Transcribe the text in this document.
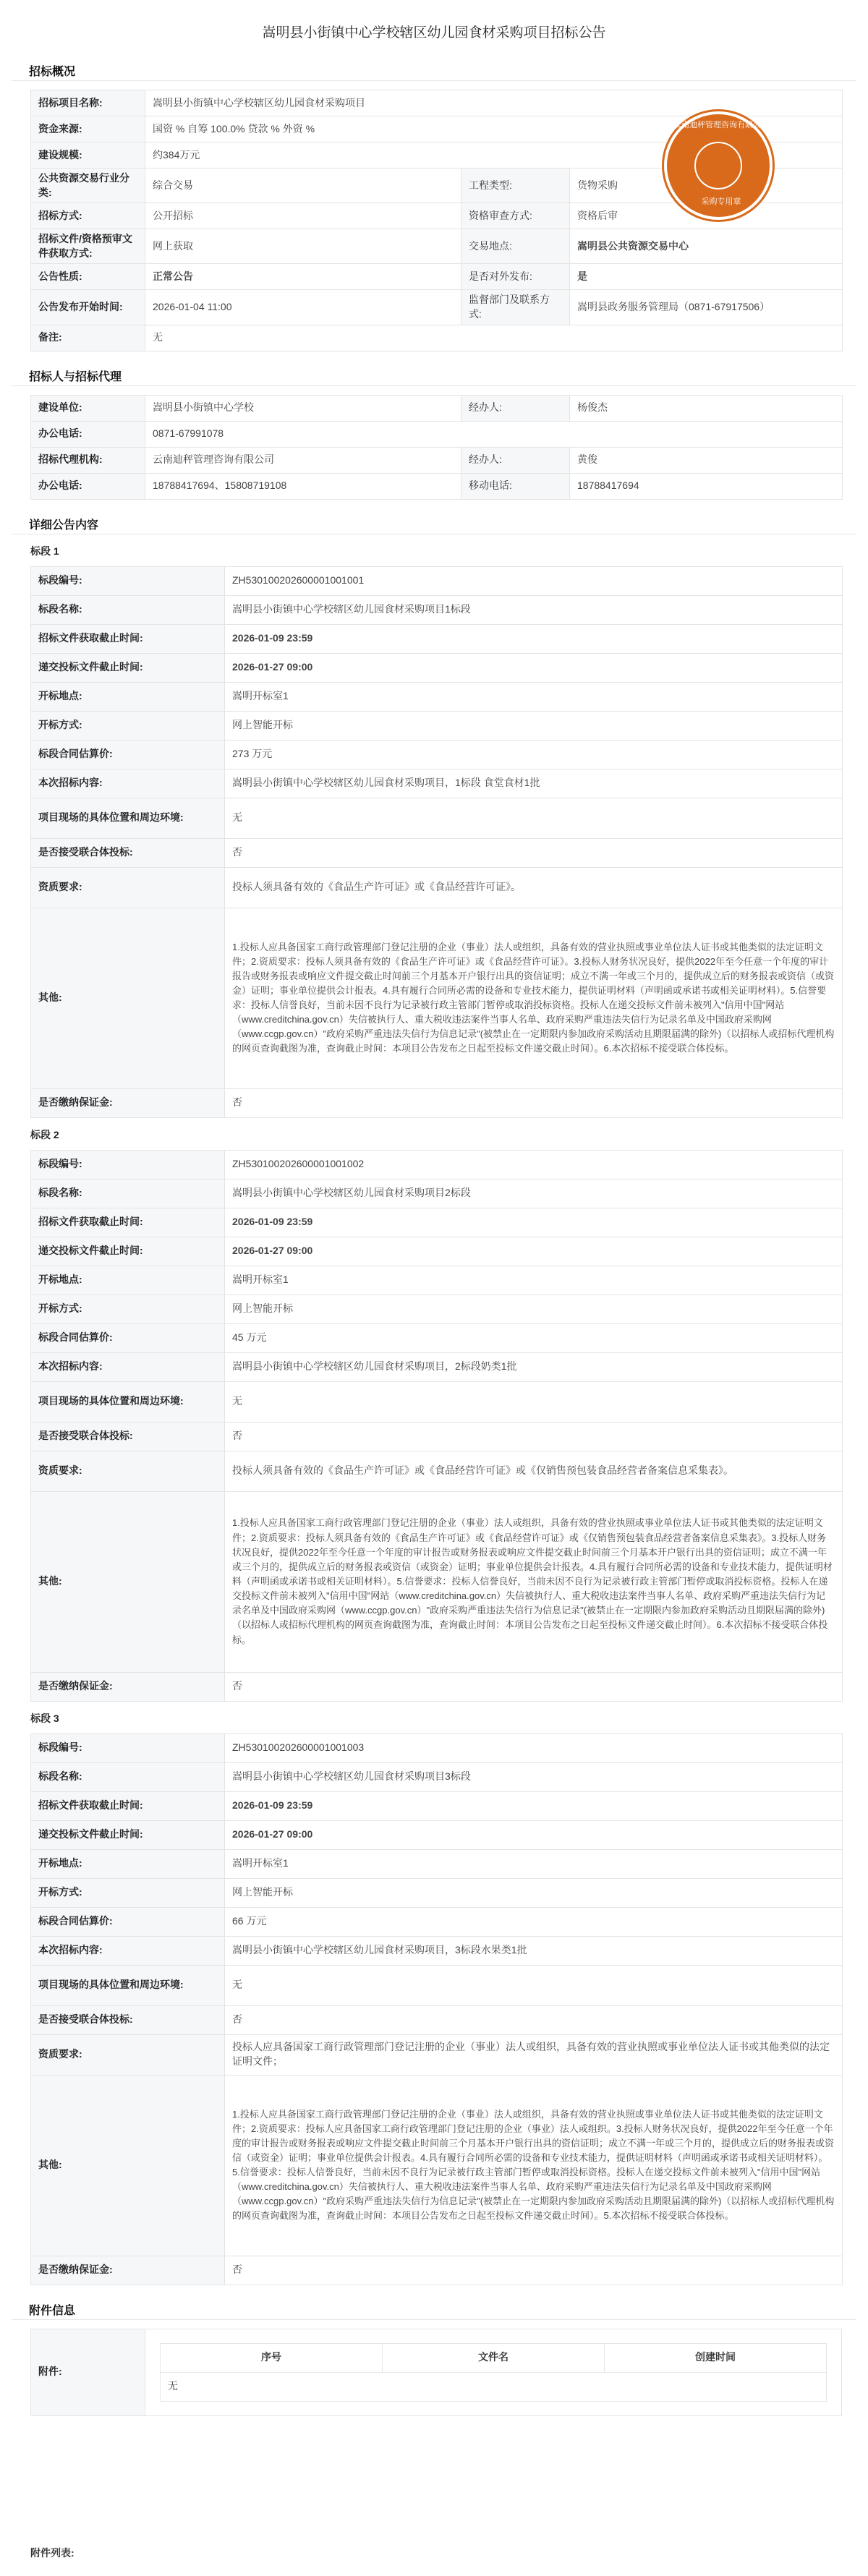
嵩明县小街镇中心学校辖区幼儿园食材采购项目招标公告
招标概况
招标项目名称:	嵩明县小街镇中心学校辖区幼儿园食材采购项目		
资金来源:	国资 % 自筹 100.0% 贷款 % 外资 %		
建设规模:	约384万元		
公共资源交易行业分类:	综合交易	工程类型:	货物采购
招标方式:	公开招标	资格审查方式:	资格后审
招标文件/资格预审文件获取方式:	网上获取	交易地点:	嵩明县公共资源交易中心
公告性质:	正常公告	是否对外发布:	是
公告发布开始时间:	2026-01-04 11:00	监督部门及联系方式:	嵩明县政务服务管理局（0871-67917506）
备注:	无		
云南迪秤管理咨询有限公司
采购专用章
招标人与招标代理
建设单位:	嵩明县小街镇中心学校	经办人:	杨俊杰
办公电话:	0871-67991078		
招标代理机构:	云南迪秤管理咨询有限公司	经办人:	黄俊
办公电话:	18788417694、15808719108	移动电话:	18788417694
详细公告内容
标段 1
标段编号:	ZH53010020260000100100​1
标段名称:	嵩明县小街镇中心学校辖区幼儿园食材采购项目1标段
招标文件获取截止时间:	2026-01-09 23:59
递交投标文件截止时间:	2026-01-27 09:00
开标地点:	嵩明开标室1
开标方式:	网上智能开标
标段合同估算价:	273 万元
本次招标内容:	嵩明县小街镇中心学校辖区幼儿园食材采购项目，1标段 食堂食材1批
项目现场的具体位置和周边环境:	无
是否接受联合体投标:	否
资质要求:	投标人须具备有效的《食品生产许可证》或《食品经营许可证》。
其他:	1.投标人应具备国家工商行政管理部门登记注册的企业（事业）法人或组织，具备有效的营业执照或事业单位法人证书或其他类似的法定证明文件；2.资质要求：投标人须具备有效的《食品生产许可证》或《食品经营许可证》。3.投标人财务状况良好，提供2022年至今任意一个年度的审计报告或财务报表或响应文件提交截止时间前三个月基本开户银行出具的资信证明；成立不满一年或三个月的，提供成立后的财务报表或资信（或资金）证明；事业单位提供会计报表。4.具有履行合同所必需的设备和专业技术能力，提供证明材料（声明函或承诺书或相关证明材料）。5.信誉要求：投标人信誉良好，当前未因不良行为记录被行政主管部门暂停或取消投标资格。投标人在递交投标文件前未被列入"信用中国"网站（www.creditchina.gov.cn）失信被执行人、重大税收违法案件当事人名单、政府采购严重违法失信行为记录名单及中国政府采购网（www.ccgp.gov.cn）"政府采购严重违法失信行为信息记录"(被禁止在一定期限内参加政府采购活动且期限届满的除外)（以招标人或招标代理机构的网页查询截图为准，查询截止时间：本项目公告发布之日起至投标文件递交截止时间）。6.本次招标不接受联合体投标。
是否缴纳保证金:	否
标段 2
标段编号:	ZH53010020260000100100​2
标段名称:	嵩明县小街镇中心学校辖区幼儿园食材采购项目2标段
招标文件获取截止时间:	2026-01-09 23:59
递交投标文件截止时间:	2026-01-27 09:00
开标地点:	嵩明开标室1
开标方式:	网上智能开标
标段合同估算价:	45 万元
本次招标内容:	嵩明县小街镇中心学校辖区幼儿园食材采购项目，2标段奶类1批
项目现场的具体位置和周边环境:	无
是否接受联合体投标:	否
资质要求:	投标人须具备有效的《食品生产许可证》或《食品经营许可证》或《仅销售预包装食品经营者备案信息采集表》。
其他:	1.投标人应具备国家工商行政管理部门登记注册的企业（事业）法人或组织，具备有效的营业执照或事业单位法人证书或其他类似的法定证明文件；2.资质要求：投标人须具备有效的《食品生产许可证》或《食品经营许可证》或《仅销售预包装食品经营者备案信息采集表》。3.投标人财务状况良好，提供2022年至今任意一个年度的审计报告或财务报表或响应文件提交截止时间前三个月基本开户银行出具的资信证明；成立不满一年或三个月的，提供成立后的财务报表或资信（或资金）证明；事业单位提供会计报表。4.具有履行合同所必需的设备和专业技术能力，提供证明材料（声明函或承诺书或相关证明材料）。5.信誉要求：投标人信誉良好，当前未因不良行为记录被行政主管部门暂停或取消投标资格。投标人在递交投标文件前未被列入"信用中国"网站（www.creditchina.gov.cn）失信被执行人、重大税收违法案件当事人名单、政府采购严重违法失信行为记录名单及中国政府采购网（www.ccgp.gov.cn）"政府采购严重违法失信行为信息记录"(被禁止在一定期限内参加政府采购活动且期限届满的除外)（以招标人或招标代理机构的网页查询截图为准，查询截止时间：本项目公告发布之日起至投标文件递交截止时间）。6.本次招标不接受联合体投标。
是否缴纳保证金:	否
标段 3
标段编号:	ZH53010020260000100100​3
标段名称:	嵩明县小街镇中心学校辖区幼儿园食材采购项目3标段
招标文件获取截止时间:	2026-01-09 23:59
递交投标文件截止时间:	2026-01-27 09:00
开标地点:	嵩明开标室1
开标方式:	网上智能开标
标段合同估算价:	66 万元
本次招标内容:	嵩明县小街镇中心学校辖区幼儿园食材采购项目，3标段水果类1批
项目现场的具体位置和周边环境:	无
是否接受联合体投标:	否
资质要求:	投标人应具备国家工商行政管理部门登记注册的企业（事业）法人或组织，具备有效的营业执照或事业单位法人证书或其他类似的法定证明文件；
其他:	1.投标人应具备国家工商行政管理部门登记注册的企业（事业）法人或组织，具备有效的营业执照或事业单位法人证书或其他类似的法定证明文件；2.资质要求：投标人应具备国家工商行政管理部门登记注册的企业（事业）法人或组织。3.投标人财务状况良好，提供2022年至今任意一个年度的审计报告或财务报表或响应文件提交截止时间前三个月基本开户银行出具的资信证明；成立不满一年或三个月的，提供成立后的财务报表或资信（或资金）证明；事业单位提供会计报表。4.具有履行合同所必需的设备和专业技术能力，提供证明材料（声明函或承诺书或相关证明材料）。5.信誉要求：投标人信誉良好，当前未因不良行为记录被行政主管部门暂停或取消投标资格。投标人在递交投标文件前未被列入"信用中国"网站（www.creditchina.gov.cn）失信被执行人、重大税收违法案件当事人名单、政府采购严重违法失信行为记录名单及中国政府采购网（www.ccgp.gov.cn）"政府采购严重违法失信行为信息记录"(被禁止在一定期限内参加政府采购活动且期限届满的除外)（以招标人或招标代理机构的网页查询截图为准，查询截止时间：本项目公告发布之日起至投标文件递交截止时间）。5.本次招标不接受联合体投标。
是否缴纳保证金:	否
附件信息
附件:	
序号	文件名	创建时间
无
附件列表:
